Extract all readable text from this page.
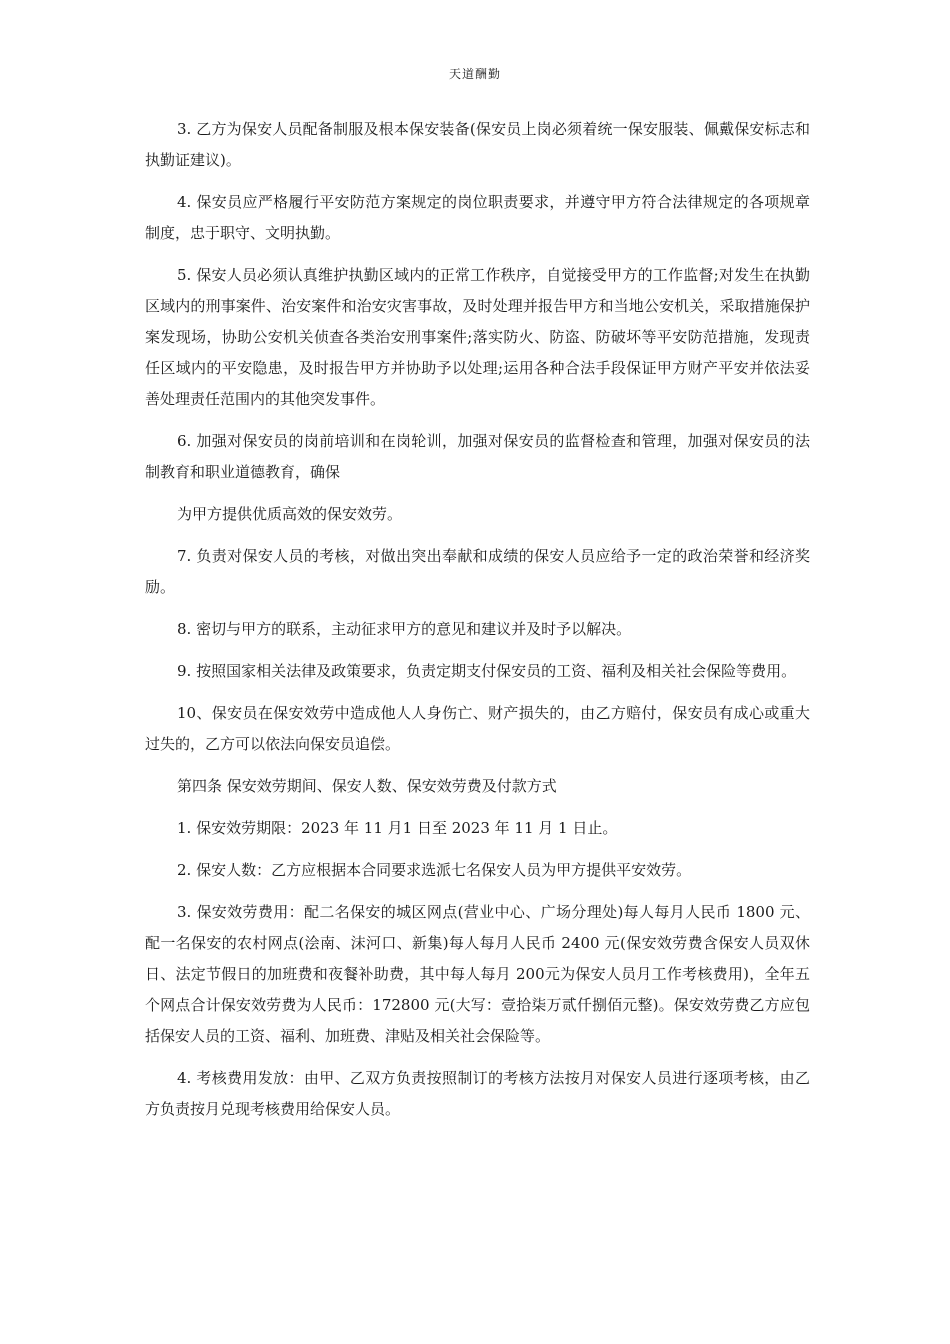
天道酬勤

3. 乙方为保安人员配备制服及根本保安装备(保安员上岗必须着统一保安服装、佩戴保安标志和执勤证建议)。

4. 保安员应严格履行平安防范方案规定的岗位职责要求，并遵守甲方符合法律规定的各项规章制度，忠于职守、文明执勤。

5. 保安人员必须认真维护执勤区域内的正常工作秩序，自觉接受甲方的工作监督;对发生在执勤区域内的刑事案件、治安案件和治安灾害事故，及时处理并报告甲方和当地公安机关，采取措施保护案发现场，协助公安机关侦查各类治安刑事案件;落实防火、防盗、防破坏等平安防范措施，发现责任区域内的平安隐患，及时报告甲方并协助予以处理;运用各种合法手段保证甲方财产平安并依法妥善处理责任范围内的其他突发事件。

6. 加强对保安员的岗前培训和在岗轮训，加强对保安员的监督检查和管理，加强对保安员的法制教育和职业道德教育，确保

为甲方提供优质高效的保安效劳。

7. 负责对保安人员的考核，对做出突出奉献和成绩的保安人员应给予一定的政治荣誉和经济奖励。

8. 密切与甲方的联系，主动征求甲方的意见和建议并及时予以解决。

9. 按照国家相关法律及政策要求，负责定期支付保安员的工资、福利及相关社会保险等费用。

10、保安员在保安效劳中造成他人人身伤亡、财产损失的，由乙方赔付，保安员有成心或重大过失的，乙方可以依法向保安员追偿。

第四条 保安效劳期间、保安人数、保安效劳费及付款方式

1. 保安效劳期限：2023 年 11 月1 日至 2023 年 11 月 1 日止。

2. 保安人数：乙方应根据本合同要求选派七名保安人员为甲方提供平安效劳。

3. 保安效劳费用：配二名保安的城区网点(营业中心、广场分理处)每人每月人民币 1800 元、配一名保安的农村网点(浍南、沫河口、新集)每人每月人民币 2400 元(保安效劳费含保安人员双休日、法定节假日的加班费和夜餐补助费，其中每人每月 200元为保安人员月工作考核费用)，全年五个网点合计保安效劳费为人民币：172800 元(大写：壹拾柒万贰仟捌佰元整)。保安效劳费乙方应包括保安人员的工资、福利、加班费、津贴及相关社会保险等。

4. 考核费用发放：由甲、乙双方负责按照制订的考核方法按月对保安人员进行逐项考核，由乙方负责按月兑现考核费用给保安人员。
